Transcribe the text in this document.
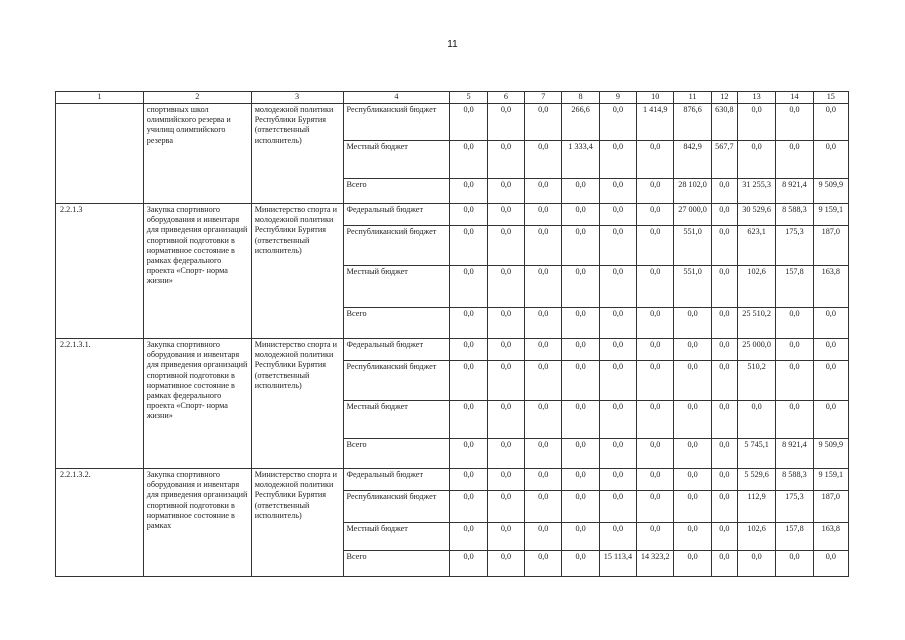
11
1	2	3	4	5	6	7	8	9	10	11	12	13	14	15
	спортивных школ олимпийского резерва и училищ олимпийского резерва	молодежной политики Республики Бурятия (ответственный исполнитель)	Республиканский бюджет	0,0	0,0	0,0	266,6	0,0	1 414,9	876,6	630,8	0,0	0,0	0,0
			Местный бюджет	0,0	0,0	0,0	1 333,4	0,0	0,0	842,9	567,7	0,0	0,0	0,0
			Всего	0,0	0,0	0,0	0,0	0,0	0,0	28 102,0	0,0	31 255,3	8 921,4	9 509,9
2.2.1.3	Закупка спортивного оборудования и инвентаря для приведения организаций спортивной подготовки в нормативное состояние в рамках федерального проекта «Спорт- норма жизни»	Министерство спорта и молодежной политики Республики Бурятия (ответственный исполнитель)	Федеральный бюджет	0,0	0,0	0,0	0,0	0,0	0,0	27 000,0	0,0	30 529,6	8 588,3	9 159,1
			Республиканский бюджет	0,0	0,0	0,0	0,0	0,0	0,0	551,0	0,0	623,1	175,3	187,0
			Местный бюджет	0,0	0,0	0,0	0,0	0,0	0,0	551,0	0,0	102,6	157,8	163,8
			Всего	0,0	0,0	0,0	0,0	0,0	0,0	0,0	0,0	25 510,2	0,0	0,0
2.2.1.3.1.	Закупка спортивного оборудования и инвентаря для приведения организаций спортивной подготовки в нормативное состояние в рамках федерального проекта «Спорт- норма жизни»	Министерство спорта и молодежной политики Республики Бурятия (ответственный исполнитель)	Федеральный бюджет	0,0	0,0	0,0	0,0	0,0	0,0	0,0	0,0	25 000,0	0,0	0,0
			Республиканский бюджет	0,0	0,0	0,0	0,0	0,0	0,0	0,0	0,0	510,2	0,0	0,0
			Местный бюджет	0,0	0,0	0,0	0,0	0,0	0,0	0,0	0,0	0,0	0,0	0,0
			Всего	0,0	0,0	0,0	0,0	0,0	0,0	0,0	0,0	5 745,1	8 921,4	9 509,9
2.2.1.3.2.	Закупка спортивного оборудования и инвентаря для приведения организаций спортивной подготовки в нормативное состояние в рамках	Министерство спорта и молодежной политики Республики Бурятия (ответственный исполнитель)	Федеральный бюджет	0,0	0,0	0,0	0,0	0,0	0,0	0,0	0,0	5 529,6	8 588,3	9 159,1
			Республиканский бюджет	0,0	0,0	0,0	0,0	0,0	0,0	0,0	0,0	112,9	175,3	187,0
			Местный бюджет	0,0	0,0	0,0	0,0	0,0	0,0	0,0	0,0	102,6	157,8	163,8
			Всего	0,0	0,0	0,0	0,0	15 113,4	14 323,2	0,0	0,0	0,0	0,0	0,0
